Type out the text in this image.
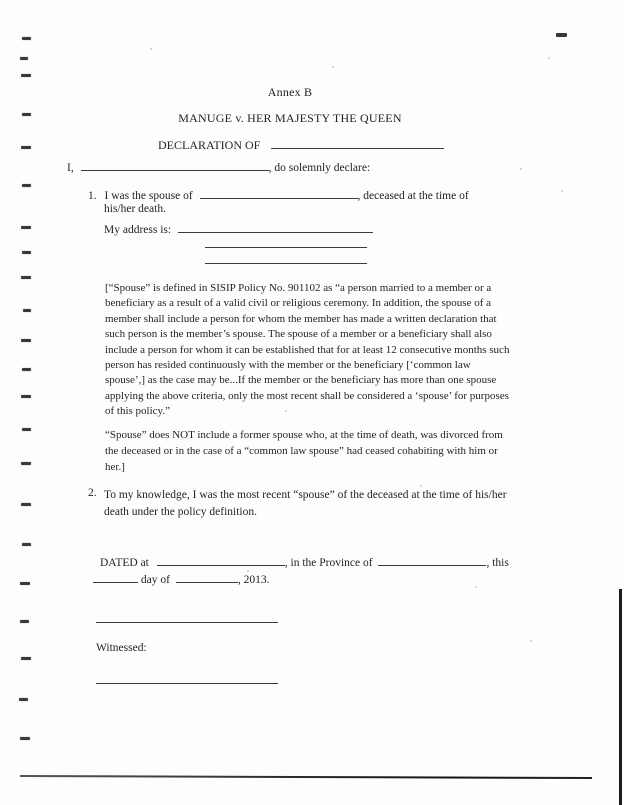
Annex B
MANUGE v. HER MAJESTY THE QUEEN
DECLARATION OF
I,	, do solemnly declare:
1. I was the spouse of	, deceased at the time of
his/her death.
My address is:
[“Spouse” is defined in SISIP Policy No. 901102 as “a person married to a member or a beneficiary as a result of a valid civil or religious ceremony. In addition, the spouse of a member shall include a person for whom the member has made a written declaration that such person is the member’s spouse. The spouse of a member or a beneficiary shall also include a person for whom it can be established that for at least 12 consecutive months such person has resided continuously with the member or the beneficiary [‘common law spouse’,] as the case may be...If the member or the beneficiary has more than one spouse applying the above criteria, only the most recent shall be considered a ‘spouse’ for purposes of this policy.”
“Spouse” does NOT include a former spouse who, at the time of death, was divorced from the deceased or in the case of a “common law spouse” had ceased cohabiting with him or her.]
2. To my knowledge, I was the most recent “spouse” of the deceased at the time of his/her death under the policy definition.
DATED at	, in the Province of	, this
day of	, 2013.
Witnessed:
